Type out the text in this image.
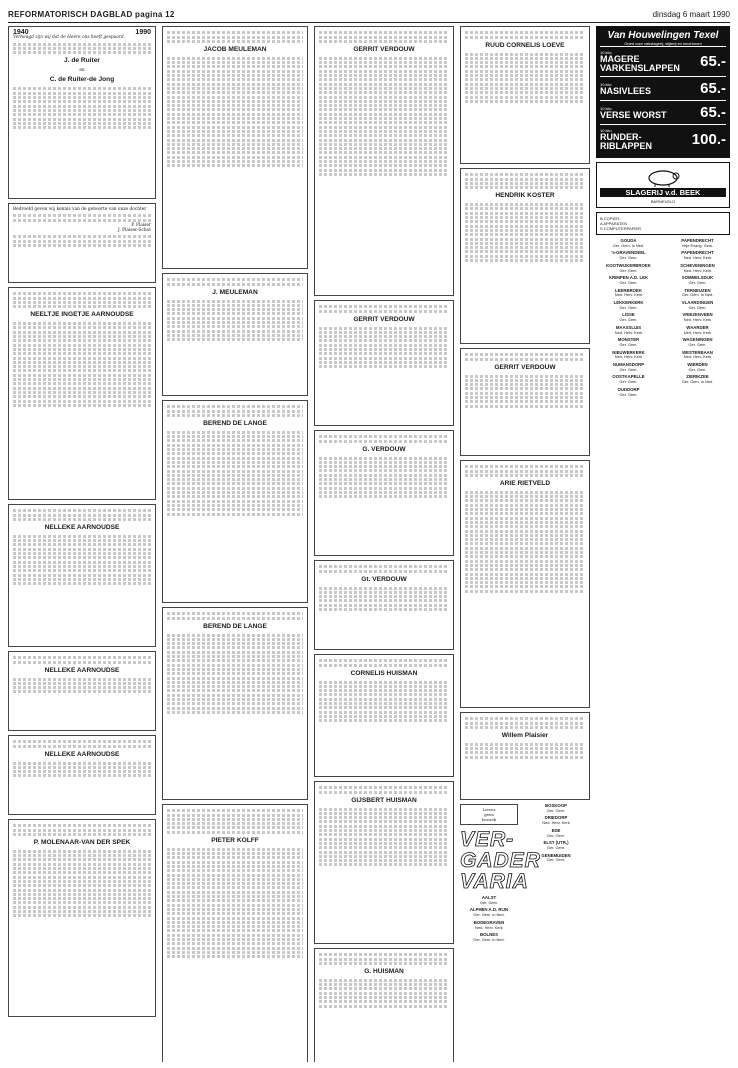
REFORMATORISCH DAGBLAD pagina 12	dinsdag 6 maart 1990
1940	1990

Verheugd zijn wij dat de Heere ons heeft gespaard.

J. de Ruiter
en
C. de Ruiter-de Jong

Bedroefd geven wij kennis van de geboorte van onze dochter

P. Plaiser
J. Plaiser-Schot

NEELTJE INGETJE AARNOUDSE
NELLEKE AARNOUDSE
NELLEKE AARNOUDSE
NELLEKE AARNOUDSE
P. MOLENAAR-VAN DER SPEK
JACOB MEULEMAN
J. MEULEMAN
BEREND DE LANGE
BEREND DE LANGE
PIETER KOLFF
GERRIT VERDOUW
GERRIT VERDOUW
G. VERDOUW
Gt. VERDOUW
CORNELIS HUISMAN
GIJSBERT HUISMAN
G. HUISMAN
RUUD CORNELIS LOEVE
HENDRIK KOSTER
GERRIT VERDOUW
ARIE RIETVELD
Willem Plaisier
Liever
geen
bezoek
VER-
GADER
VARIA
AALST
Ger. Gem.
ALPHEN A.D. RIJN
Ger. Gem. in Ned.
BODEGRAVEN
Ned. Herv. Kerk
BOLNES
Ger. Gem. in Ned.
BOSKOOP
Ger. Gem.
DRIEDORP
Ned. Herv. Kerk
EDE
Ger. Gem.
ELST (UTR.)
Ger. Gem.
GENEMUIDEN
Ger. Gem.
Van Houwelingen Texel
Goed voor vakslagerij, slijterij en lunchroom
10 kilo
MAGERE
VARKENSLAPPEN 65.-
10 kilo
NASIVLEES	65.-
10 kilo
VERSE WORST 65.-
10 kilo
RUNDER-
RIBLAPPEN	100.-
SLAGERIJ v.d. BEEK
BARNEVELD
B COPIER-
A APPARATEN
S COMPUTERPAPIER
GOUDA
Ger. Gem. in Ned.
's-GRAVENDEEL
Ger. Gem.
KOOTWIJKERBROEK
Ger. Gem.
KRIMPEN A.D. LEK
Ger. Gem.
LEERBROEK
Ned. Herv. Kerk
LEKKERKERK
Ger. Gem.
LISSE
Ger. Gem.
MAASSLUIS
Ned. Herv. Kerk
MONSTER
Ger. Gem.
NIEUWERKERK
Ned. Herv. Kerk
NUMANSDORP
Ger. Gem.
OOSTKAPELLE
Ger. Gem.
OUDDORP
Ger. Gem.
PAPENDRECHT
Vrije Evang. Gem.
PAPENDRECHT
Ned. Herv. Kerk
SCHEVENINGEN
Ned. Herv. Kerk
SOMMELSDIJK
Ger. Gem.
TERNEUZEN
Ger. Gem. in Ned.
VLAARDINGEN
Ger. Gem.
VRIEZENVEEN
Ned. Herv. Kerk
WAARDER
Ned. Herv. Kerk
WAGENINGEN
Ger. Gem.
WESTERBAAN
Ned. Herv. Kerk
WIERDEN
Ger. Gem.
ZIERIKZEE
Ger. Gem. in Ned.
